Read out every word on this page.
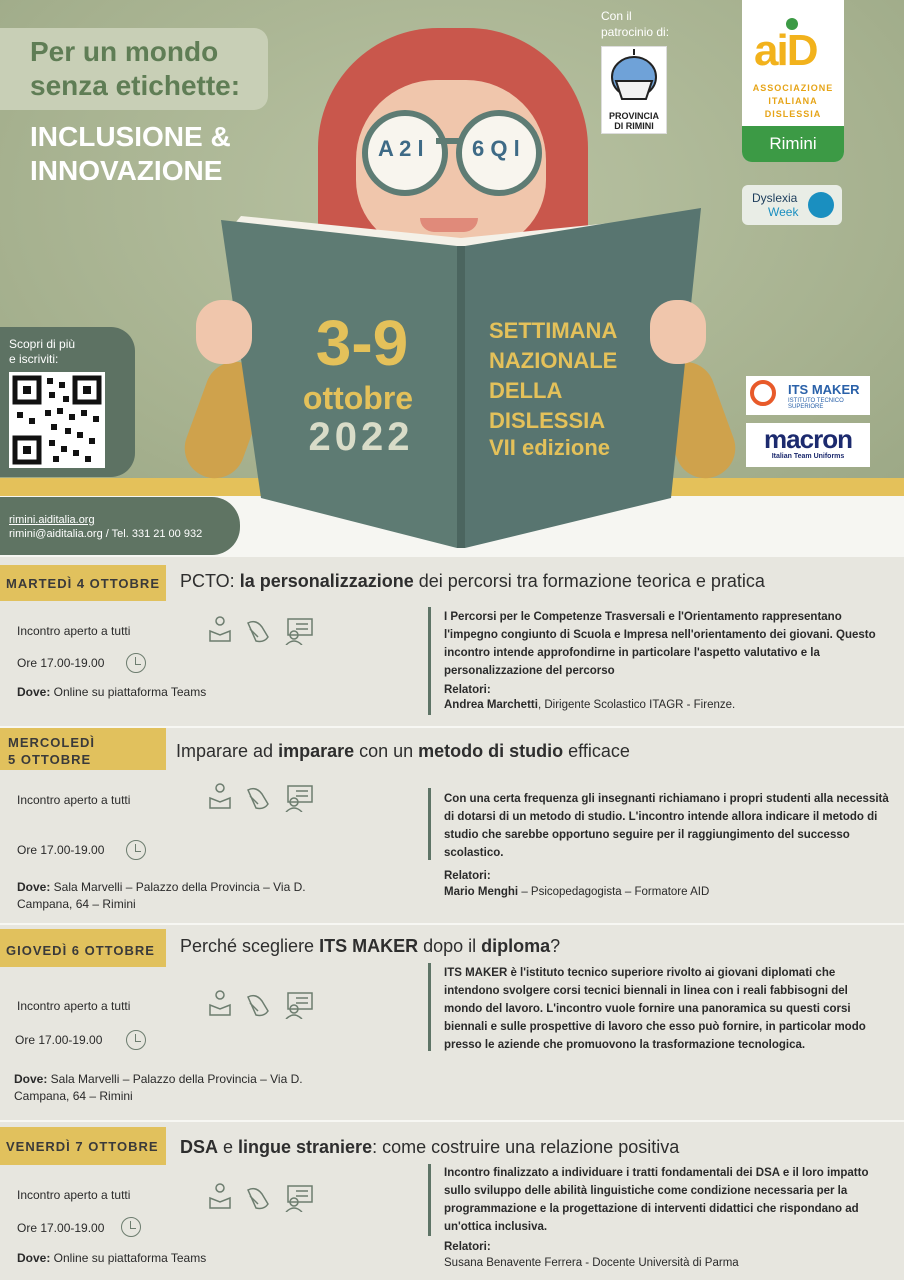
Per un mondo
senza etichette:
INCLUSIONE &
INNOVAZIONE
A 2 l 6 Q l
3-9
ottobre
2022
SETTIMANA
NAZIONALE
DELLA
DISLESSIA
VII edizione
Con il
patrocinio di:
PROVINCIA
DI RIMINI
aiD
ASSOCIAZIONE
ITALIANA
DISLESSIA
Rimini
Dyslexia
Week
ITS MAKER
ISTITUTO TECNICO SUPERIORE
macron
Italian Team Uniforms
Scopri di più
e iscriviti:
rimini.aiditalia.org
rimini@aiditalia.org / Tel. 331 21 00 932
MARTEDÌ 4 OTTOBRE	PCTO: la personalizzazione dei percorsi tra formazione teorica e pratica
Incontro aperto a tutti
Ore 17.00-19.00
Dove: Online su piattaforma Teams
I Percorsi per le Competenze Trasversali e l'Orientamento rappresentano l'impegno congiunto di Scuola e Impresa nell'orientamento dei giovani. Questo incontro intende approfondirne in particolare l'aspetto valutativo e la personalizzazione del percorso
Relatori:
Andrea Marchetti, Dirigente Scolastico ITAGR - Firenze.
MERCOLEDÌ
5 OTTOBRE	Imparare ad imparare con un metodo di studio efficace
Incontro aperto a tutti
Ore 17.00-19.00
Dove: Sala Marvelli – Palazzo della Provincia – Via D. Campana, 64 – Rimini
Con una certa frequenza gli insegnanti richiamano i propri studenti alla necessità di dotarsi di un metodo di studio. L'incontro intende allora indicare il metodo di studio che sarebbe opportuno seguire per il raggiungimento del successo scolastico.
Relatori:
Mario Menghi – Psicopedagogista – Formatore AID
GIOVEDÌ 6 OTTOBRE	Perché scegliere ITS MAKER dopo il diploma?
Incontro aperto a tutti
Ore 17.00-19.00
Dove: Sala Marvelli – Palazzo della Provincia – Via D. Campana, 64 – Rimini
ITS MAKER è l'istituto tecnico superiore rivolto ai giovani diplomati che intendono svolgere corsi tecnici biennali in linea con i reali fabbisogni del mondo del lavoro. L'incontro vuole fornire una panoramica su questi corsi biennali e sulle prospettive di lavoro che esso può fornire, in particolar modo presso le aziende che promuovono la trasformazione tecnologica.
VENERDÌ 7 OTTOBRE	DSA e lingue straniere: come costruire una relazione positiva
Incontro aperto a tutti
Ore 17.00-19.00
Dove: Online su piattaforma Teams
Incontro finalizzato a individuare i tratti fondamentali dei DSA e il loro impatto sullo sviluppo delle abilità linguistiche come condizione necessaria per la programmazione e la progettazione di interventi didattici che rispondano ad un'ottica inclusiva.
Relatori:
Susana Benavente Ferrera - Docente Università di Parma
